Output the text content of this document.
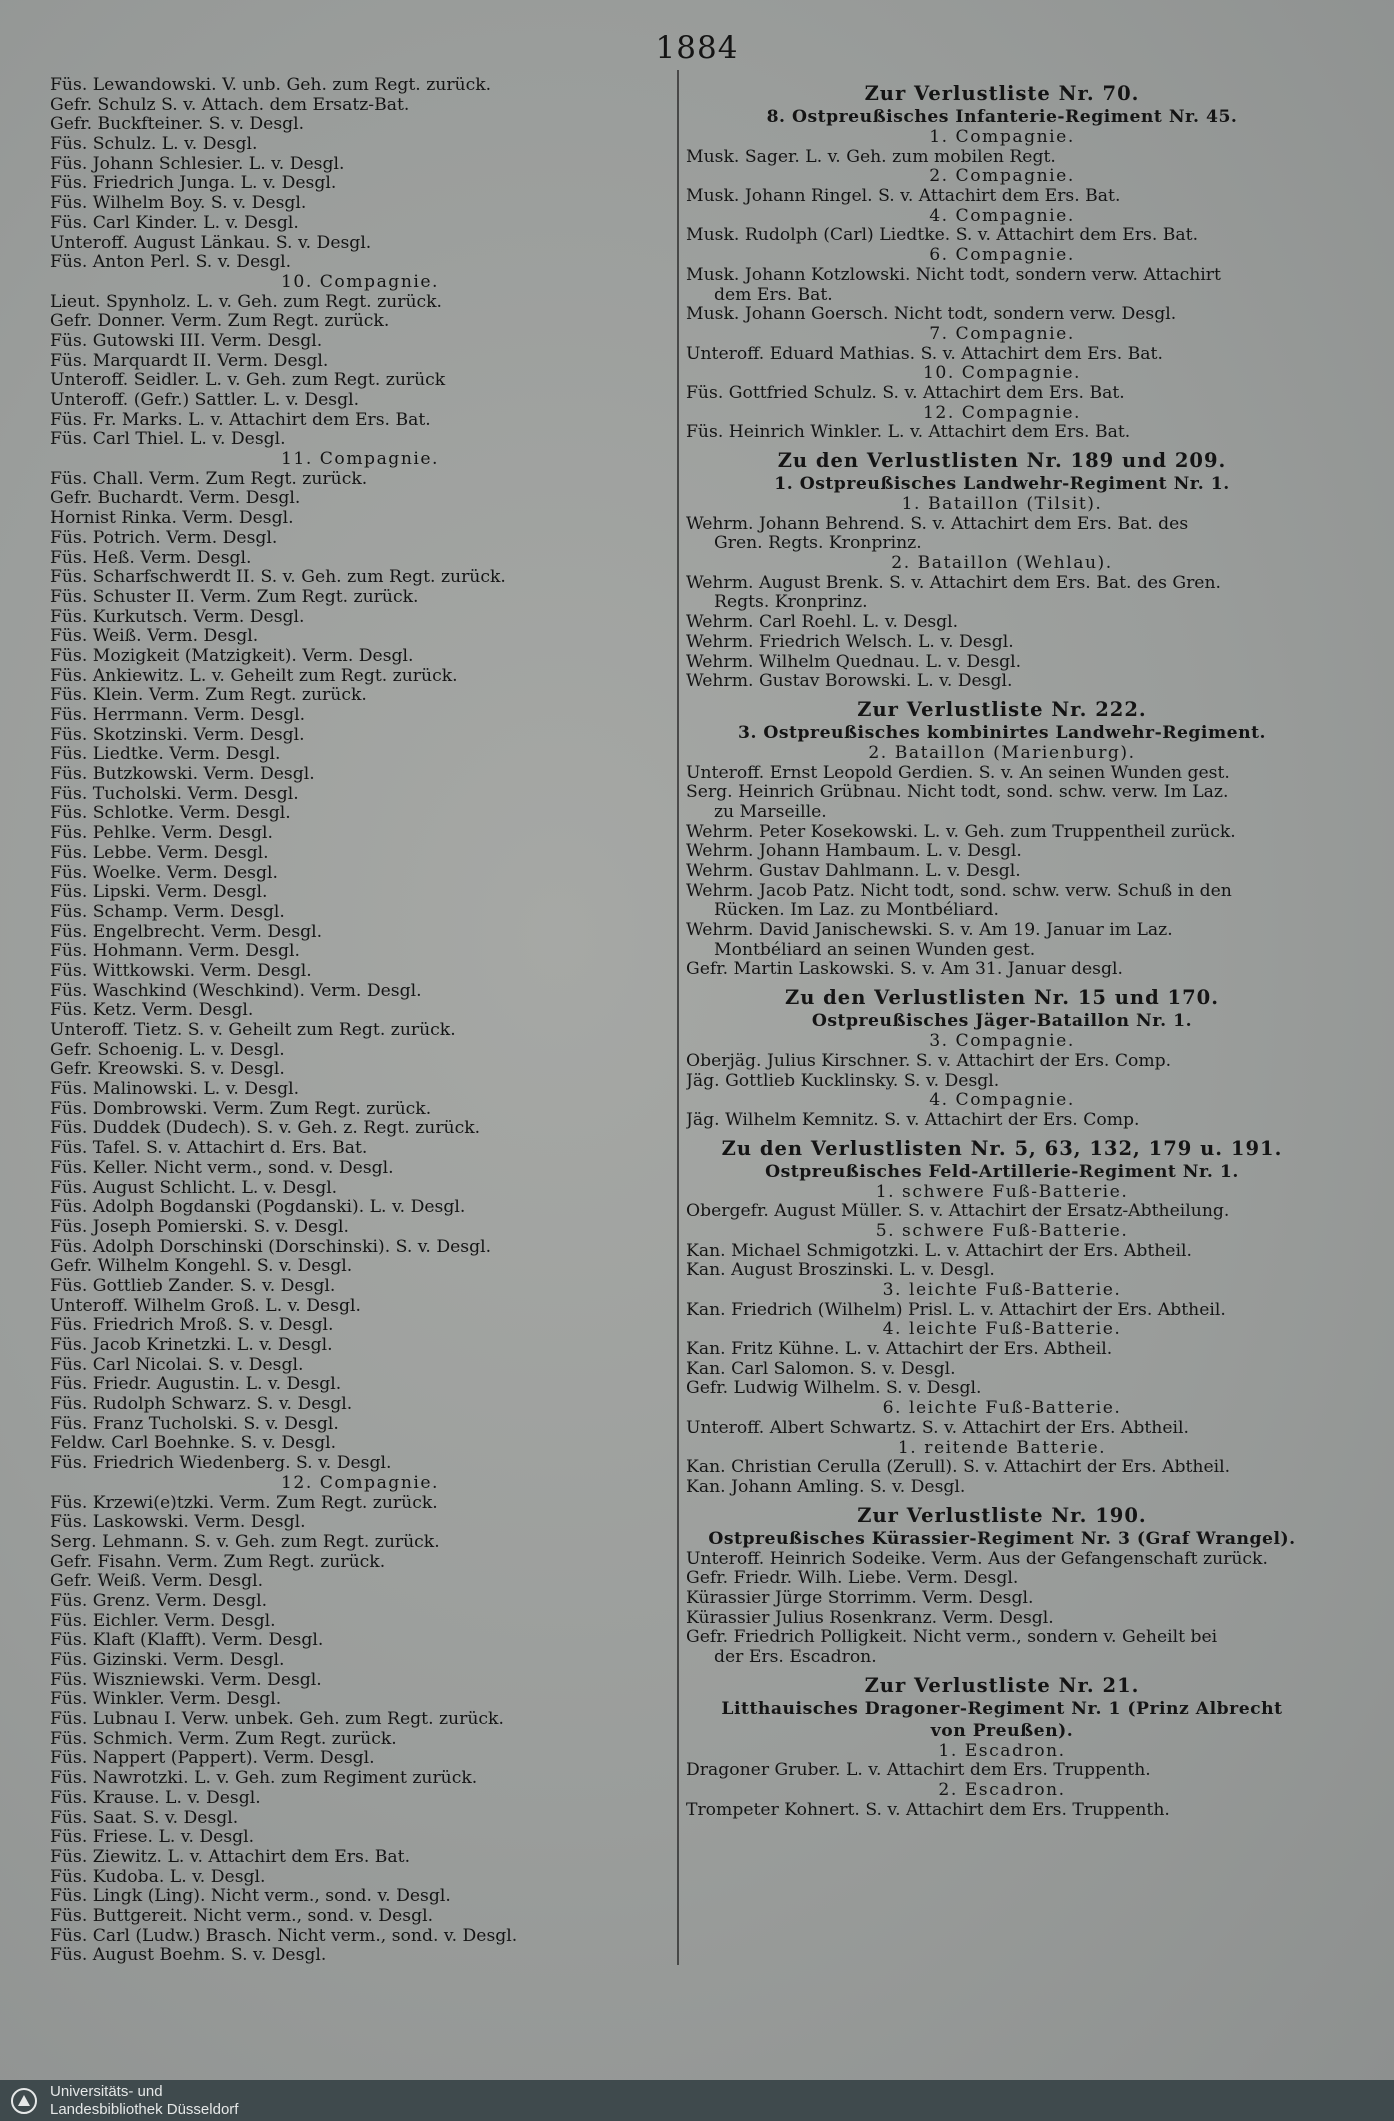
1884
Füs. Lewandowski. V. unb. Geh. zum Regt. zurück.
Gefr. Schulz S. v. Attach. dem Ersatz-Bat.
Gefr. Buckfteiner. S. v. Desgl.
Füs. Schulz. L. v. Desgl.
Füs. Johann Schlesier. L. v. Desgl.
Füs. Friedrich Junga. L. v. Desgl.
Füs. Wilhelm Boy. S. v. Desgl.
Füs. Carl Kinder. L. v. Desgl.
Unteroff. August Länkau. S. v. Desgl.
Füs. Anton Perl. S. v. Desgl.
10. Compagnie.
Lieut. Spynholz. L. v. Geh. zum Regt. zurück.
Gefr. Donner. Verm. Zum Regt. zurück.
Füs. Gutowski III. Verm. Desgl.
Füs. Marquardt II. Verm. Desgl.
Unteroff. Seidler. L. v. Geh. zum Regt. zurück
Unteroff. (Gefr.) Sattler. L. v. Desgl.
Füs. Fr. Marks. L. v. Attachirt dem Ers. Bat.
Füs. Carl Thiel. L. v. Desgl.
11. Compagnie.
Füs. Chall. Verm. Zum Regt. zurück.
Gefr. Buchardt. Verm. Desgl.
Hornist Rinka. Verm. Desgl.
Füs. Potrich. Verm. Desgl.
Füs. Heß. Verm. Desgl.
Füs. Scharfschwerdt II. S. v. Geh. zum Regt. zurück.
Füs. Schuster II. Verm. Zum Regt. zurück.
Füs. Kurkutsch. Verm. Desgl.
Füs. Weiß. Verm. Desgl.
Füs. Mozigkeit (Matzigkeit). Verm. Desgl.
Füs. Ankiewitz. L. v. Geheilt zum Regt. zurück.
Füs. Klein. Verm. Zum Regt. zurück.
Füs. Herrmann. Verm. Desgl.
Füs. Skotzinski. Verm. Desgl.
Füs. Liedtke. Verm. Desgl.
Füs. Butzkowski. Verm. Desgl.
Füs. Tucholski. Verm. Desgl.
Füs. Schlotke. Verm. Desgl.
Füs. Pehlke. Verm. Desgl.
Füs. Lebbe. Verm. Desgl.
Füs. Woelke. Verm. Desgl.
Füs. Lipski. Verm. Desgl.
Füs. Schamp. Verm. Desgl.
Füs. Engelbrecht. Verm. Desgl.
Füs. Hohmann. Verm. Desgl.
Füs. Wittkowski. Verm. Desgl.
Füs. Waschkind (Weschkind). Verm. Desgl.
Füs. Ketz. Verm. Desgl.
Unteroff. Tietz. S. v. Geheilt zum Regt. zurück.
Gefr. Schoenig. L. v. Desgl.
Gefr. Kreowski. S. v. Desgl.
Füs. Malinowski. L. v. Desgl.
Füs. Dombrowski. Verm. Zum Regt. zurück.
Füs. Duddek (Dudech). S. v. Geh. z. Regt. zurück.
Füs. Tafel. S. v. Attachirt d. Ers. Bat.
Füs. Keller. Nicht verm., sond. v. Desgl.
Füs. August Schlicht. L. v. Desgl.
Füs. Adolph Bogdanski (Pogdanski). L. v. Desgl.
Füs. Joseph Pomierski. S. v. Desgl.
Füs. Adolph Dorschinski (Dorschinski). S. v. Desgl.
Gefr. Wilhelm Kongehl. S. v. Desgl.
Füs. Gottlieb Zander. S. v. Desgl.
Unteroff. Wilhelm Groß. L. v. Desgl.
Füs. Friedrich Mroß. S. v. Desgl.
Füs. Jacob Krinetzki. L. v. Desgl.
Füs. Carl Nicolai. S. v. Desgl.
Füs. Friedr. Augustin. L. v. Desgl.
Füs. Rudolph Schwarz. S. v. Desgl.
Füs. Franz Tucholski. S. v. Desgl.
Feldw. Carl Boehnke. S. v. Desgl.
Füs. Friedrich Wiedenberg. S. v. Desgl.
12. Compagnie.
Füs. Krzewi(e)tzki. Verm. Zum Regt. zurück.
Füs. Laskowski. Verm. Desgl.
Serg. Lehmann. S. v. Geh. zum Regt. zurück.
Gefr. Fisahn. Verm. Zum Regt. zurück.
Gefr. Weiß. Verm. Desgl.
Füs. Grenz. Verm. Desgl.
Füs. Eichler. Verm. Desgl.
Füs. Klaft (Klafft). Verm. Desgl.
Füs. Gizinski. Verm. Desgl.
Füs. Wiszniewski. Verm. Desgl.
Füs. Winkler. Verm. Desgl.
Füs. Lubnau I. Verw. unbek. Geh. zum Regt. zurück.
Füs. Schmich. Verm. Zum Regt. zurück.
Füs. Nappert (Pappert). Verm. Desgl.
Füs. Nawrotzki. L. v. Geh. zum Regiment zurück.
Füs. Krause. L. v. Desgl.
Füs. Saat. S. v. Desgl.
Füs. Friese. L. v. Desgl.
Füs. Ziewitz. L. v. Attachirt dem Ers. Bat.
Füs. Kudoba. L. v. Desgl.
Füs. Lingk (Ling). Nicht verm., sond. v. Desgl.
Füs. Buttgereit. Nicht verm., sond. v. Desgl.
Füs. Carl (Ludw.) Brasch. Nicht verm., sond. v. Desgl.
Füs. August Boehm. S. v. Desgl.
Zur Verlustliste Nr. 70.
8. Ostpreußisches Infanterie-Regiment Nr. 45.
1. Compagnie.
Musk. Sager. L. v. Geh. zum mobilen Regt.
2. Compagnie.
Musk. Johann Ringel. S. v. Attachirt dem Ers. Bat.
4. Compagnie.
Musk. Rudolph (Carl) Liedtke. S. v. Attachirt dem Ers. Bat.
6. Compagnie.
Musk. Johann Kotzlowski. Nicht todt, sondern verw. Attachirt
dem Ers. Bat.
Musk. Johann Goersch. Nicht todt, sondern verw. Desgl.
7. Compagnie.
Unteroff. Eduard Mathias. S. v. Attachirt dem Ers. Bat.
10. Compagnie.
Füs. Gottfried Schulz. S. v. Attachirt dem Ers. Bat.
12. Compagnie.
Füs. Heinrich Winkler. L. v. Attachirt dem Ers. Bat.
Zu den Verlustlisten Nr. 189 und 209.
1. Ostpreußisches Landwehr-Regiment Nr. 1.
1. Bataillon (Tilsit).
Wehrm. Johann Behrend. S. v. Attachirt dem Ers. Bat. des
Gren. Regts. Kronprinz.
2. Bataillon (Wehlau).
Wehrm. August Brenk. S. v. Attachirt dem Ers. Bat. des Gren.
Regts. Kronprinz.
Wehrm. Carl Roehl. L. v. Desgl.
Wehrm. Friedrich Welsch. L. v. Desgl.
Wehrm. Wilhelm Quednau. L. v. Desgl.
Wehrm. Gustav Borowski. L. v. Desgl.
Zur Verlustliste Nr. 222.
3. Ostpreußisches kombinirtes Landwehr-Regiment.
2. Bataillon (Marienburg).
Unteroff. Ernst Leopold Gerdien. S. v. An seinen Wunden gest.
Serg. Heinrich Grübnau. Nicht todt, sond. schw. verw. Im Laz.
zu Marseille.
Wehrm. Peter Kosekowski. L. v. Geh. zum Truppentheil zurück.
Wehrm. Johann Hambaum. L. v. Desgl.
Wehrm. Gustav Dahlmann. L. v. Desgl.
Wehrm. Jacob Patz. Nicht todt, sond. schw. verw. Schuß in den
Rücken. Im Laz. zu Montbéliard.
Wehrm. David Janischewski. S. v. Am 19. Januar im Laz.
Montbéliard an seinen Wunden gest.
Gefr. Martin Laskowski. S. v. Am 31. Januar desgl.
Zu den Verlustlisten Nr. 15 und 170.
Ostpreußisches Jäger-Bataillon Nr. 1.
3. Compagnie.
Oberjäg. Julius Kirschner. S. v. Attachirt der Ers. Comp.
Jäg. Gottlieb Kucklinsky. S. v. Desgl.
4. Compagnie.
Jäg. Wilhelm Kemnitz. S. v. Attachirt der Ers. Comp.
Zu den Verlustlisten Nr. 5, 63, 132, 179 u. 191.
Ostpreußisches Feld-Artillerie-Regiment Nr. 1.
1. schwere Fuß-Batterie.
Obergefr. August Müller. S. v. Attachirt der Ersatz-Abtheilung.
5. schwere Fuß-Batterie.
Kan. Michael Schmigotzki. L. v. Attachirt der Ers. Abtheil.
Kan. August Broszinski. L. v. Desgl.
3. leichte Fuß-Batterie.
Kan. Friedrich (Wilhelm) Prisl. L. v. Attachirt der Ers. Abtheil.
4. leichte Fuß-Batterie.
Kan. Fritz Kühne. L. v. Attachirt der Ers. Abtheil.
Kan. Carl Salomon. S. v. Desgl.
Gefr. Ludwig Wilhelm. S. v. Desgl.
6. leichte Fuß-Batterie.
Unteroff. Albert Schwartz. S. v. Attachirt der Ers. Abtheil.
1. reitende Batterie.
Kan. Christian Cerulla (Zerull). S. v. Attachirt der Ers. Abtheil.
Kan. Johann Amling. S. v. Desgl.
Zur Verlustliste Nr. 190.
Ostpreußisches Kürassier-Regiment Nr. 3 (Graf Wrangel).
Unteroff. Heinrich Sodeike. Verm. Aus der Gefangenschaft zurück.
Gefr. Friedr. Wilh. Liebe. Verm. Desgl.
Kürassier Jürge Storrimm. Verm. Desgl.
Kürassier Julius Rosenkranz. Verm. Desgl.
Gefr. Friedrich Polligkeit. Nicht verm., sondern v. Geheilt bei
der Ers. Escadron.
Zur Verlustliste Nr. 21.
Litthauisches Dragoner-Regiment Nr. 1 (Prinz Albrecht
von Preußen).
1. Escadron.
Dragoner Gruber. L. v. Attachirt dem Ers. Truppenth.
2. Escadron.
Trompeter Kohnert. S. v. Attachirt dem Ers. Truppenth.
Universitäts- und
Landesbibliothek Düsseldorf
